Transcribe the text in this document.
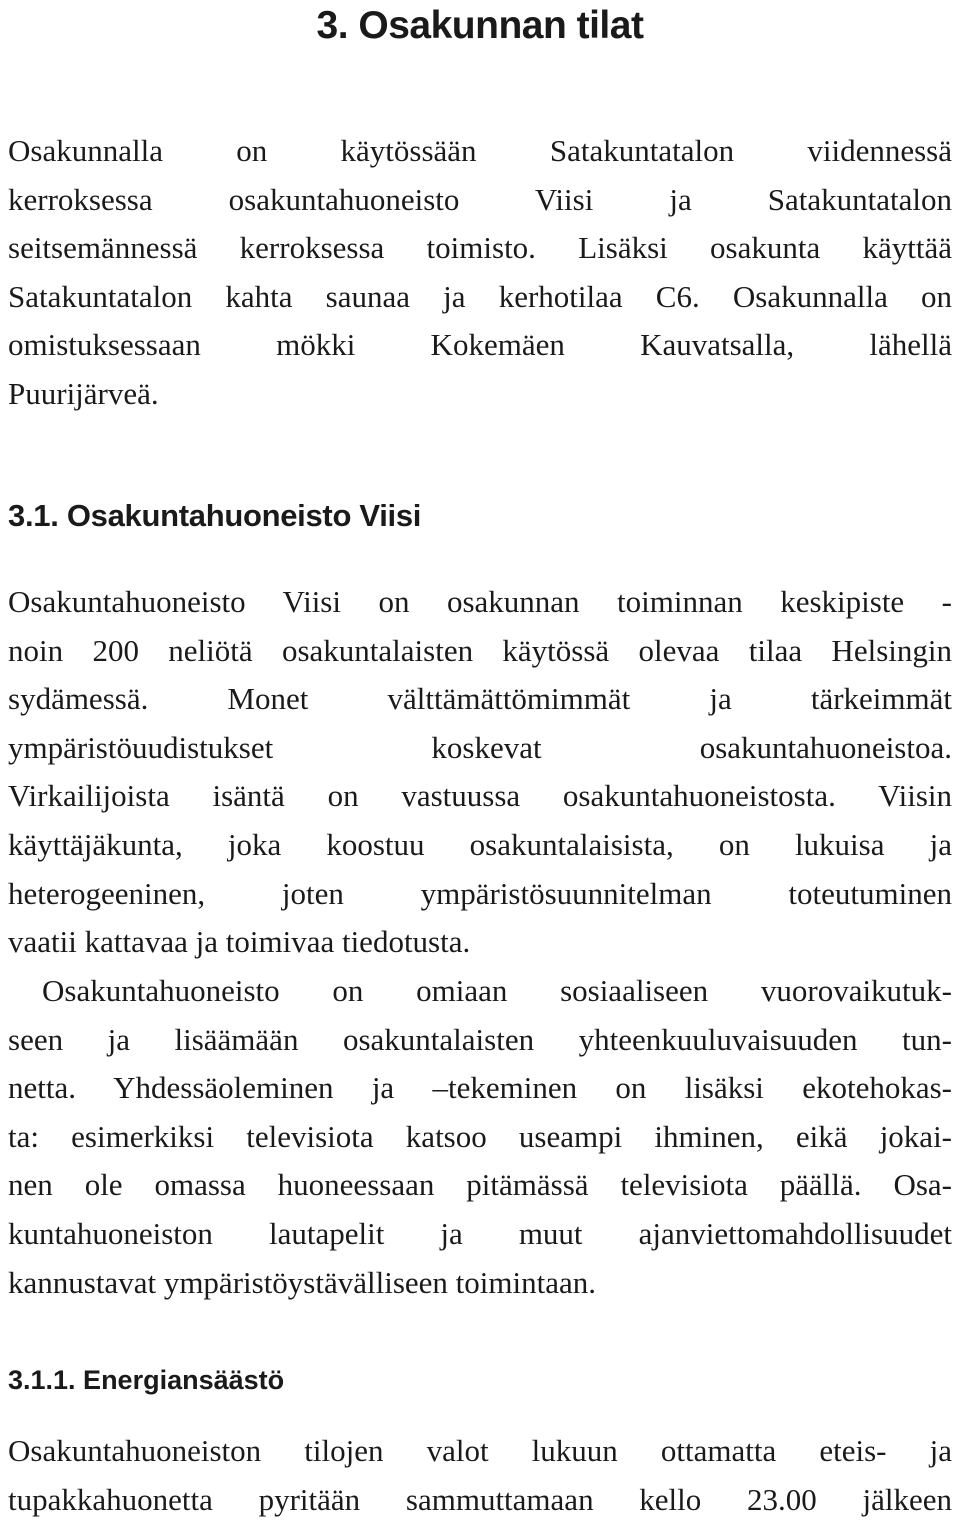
3. Osakunnan tilat
Osakunnalla on käytössään Satakuntatalon viidennessä
kerroksessa osakuntahuoneisto Viisi ja Satakuntatalon
seitsemännessä kerroksessa toimisto. Lisäksi osakunta käyttää
Satakuntatalon kahta saunaa ja kerhotilaa C6. Osakunnalla on
omistuksessaan mökki Kokemäen Kauvatsalla, lähellä
Puurijärveä.
3.1. Osakuntahuoneisto Viisi
Osakuntahuoneisto Viisi on osakunnan toiminnan keskipiste -
noin 200 neliötä osakuntalaisten käytössä olevaa tilaa Helsingin
sydämessä. Monet välttämättömimmät ja tärkeimmät
ympäristöuudistukset koskevat osakuntahuoneistoa.
Virkailijoista isäntä on vastuussa osakuntahuoneistosta. Viisin
käyttäjäkunta, joka koostuu osakuntalaisista, on lukuisa ja
heterogeeninen, joten ympäristösuunnitelman toteutuminen
vaatii kattavaa ja toimivaa tiedotusta.
Osakuntahuoneisto on omiaan sosiaaliseen vuorovaikutuk-
seen ja lisäämään osakuntalaisten yhteenkuuluvaisuuden tun-
netta. Yhdessäoleminen ja –tekeminen on lisäksi ekotehokas-
ta: esimerkiksi televisiota katsoo useampi ihminen, eikä jokai-
nen ole omassa huoneessaan pitämässä televisiota päällä. Osa-
kuntahuoneiston lautapelit ja muut ajanviettomahdollisuudet
kannustavat ympäristöystävälliseen toimintaan.
3.1.1. Energiansäästö
Osakuntahuoneiston tilojen valot lukuun ottamatta eteis- ja
tupakkahuonetta pyritään sammuttamaan kello 23.00 jälkeen
